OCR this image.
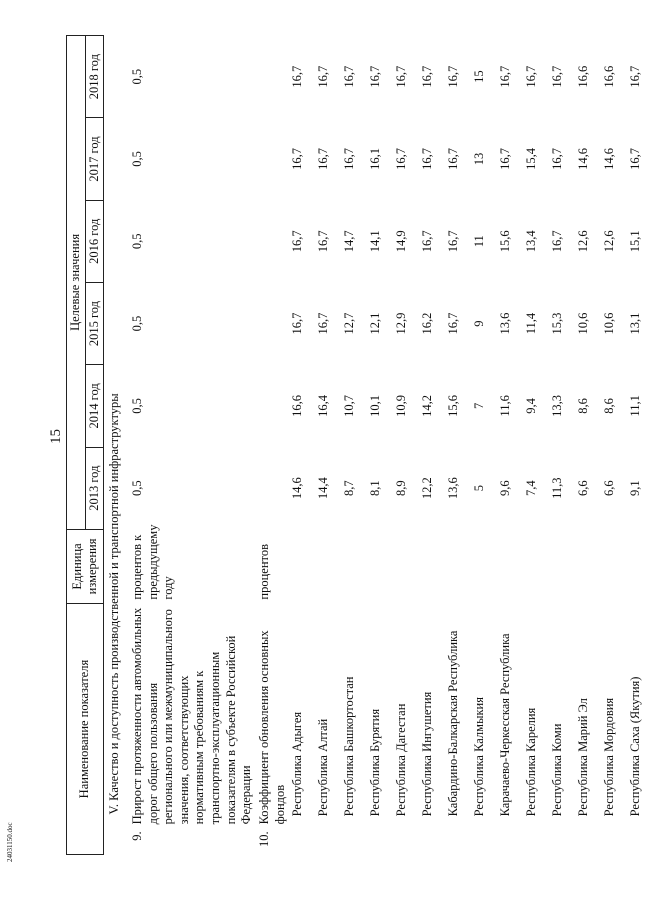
15
24031150.doc
Наименование показателя		Единица измерения	Целевые значения					
			2013 год	2014 год	2015 год	2016 год	2017 год	2018 год
V. Качество и доступность производственной и транспортной инфраструктуры								
9.	Прирост протяженности автомобильных дорог общего пользования регионального или межмуниципального значения, соответствующих нормативным требованиям к транспортно-эксплуатационным показателям в субъекте Российской Федерации	процентов к предыдущему году	0,5	0,5	0,5	0,5	0,5	0,5
10.	Коэффициент обновления основных фондов	процентов						
	Республика Адыгея		14,6	16,6	16,7	16,7	16,7	16,7
	Республика Алтай		14,4	16,4	16,7	16,7	16,7	16,7
	Республика Башкортостан		8,7	10,7	12,7	14,7	16,7	16,7
	Республика Бурятия		8,1	10,1	12,1	14,1	16,1	16,7
	Республика Дагестан		8,9	10,9	12,9	14,9	16,7	16,7
	Республика Ингушетия		12,2	14,2	16,2	16,7	16,7	16,7
	Кабардино-Балкарская Республика		13,6	15,6	16,7	16,7	16,7	16,7
	Республика Калмыкия		5	7	9	11	13	15
	Карачаево-Черкесская Республика		9,6	11,6	13,6	15,6	16,7	16,7
	Республика Карелия		7,4	9,4	11,4	13,4	15,4	16,7
	Республика Коми		11,3	13,3	15,3	16,7	16,7	16,7
	Республика Марий Эл		6,6	8,6	10,6	12,6	14,6	16,6
	Республика Мордовия		6,6	8,6	10,6	12,6	14,6	16,6
	Республика Саха (Якутия)		9,1	11,1	13,1	15,1	16,7	16,7
